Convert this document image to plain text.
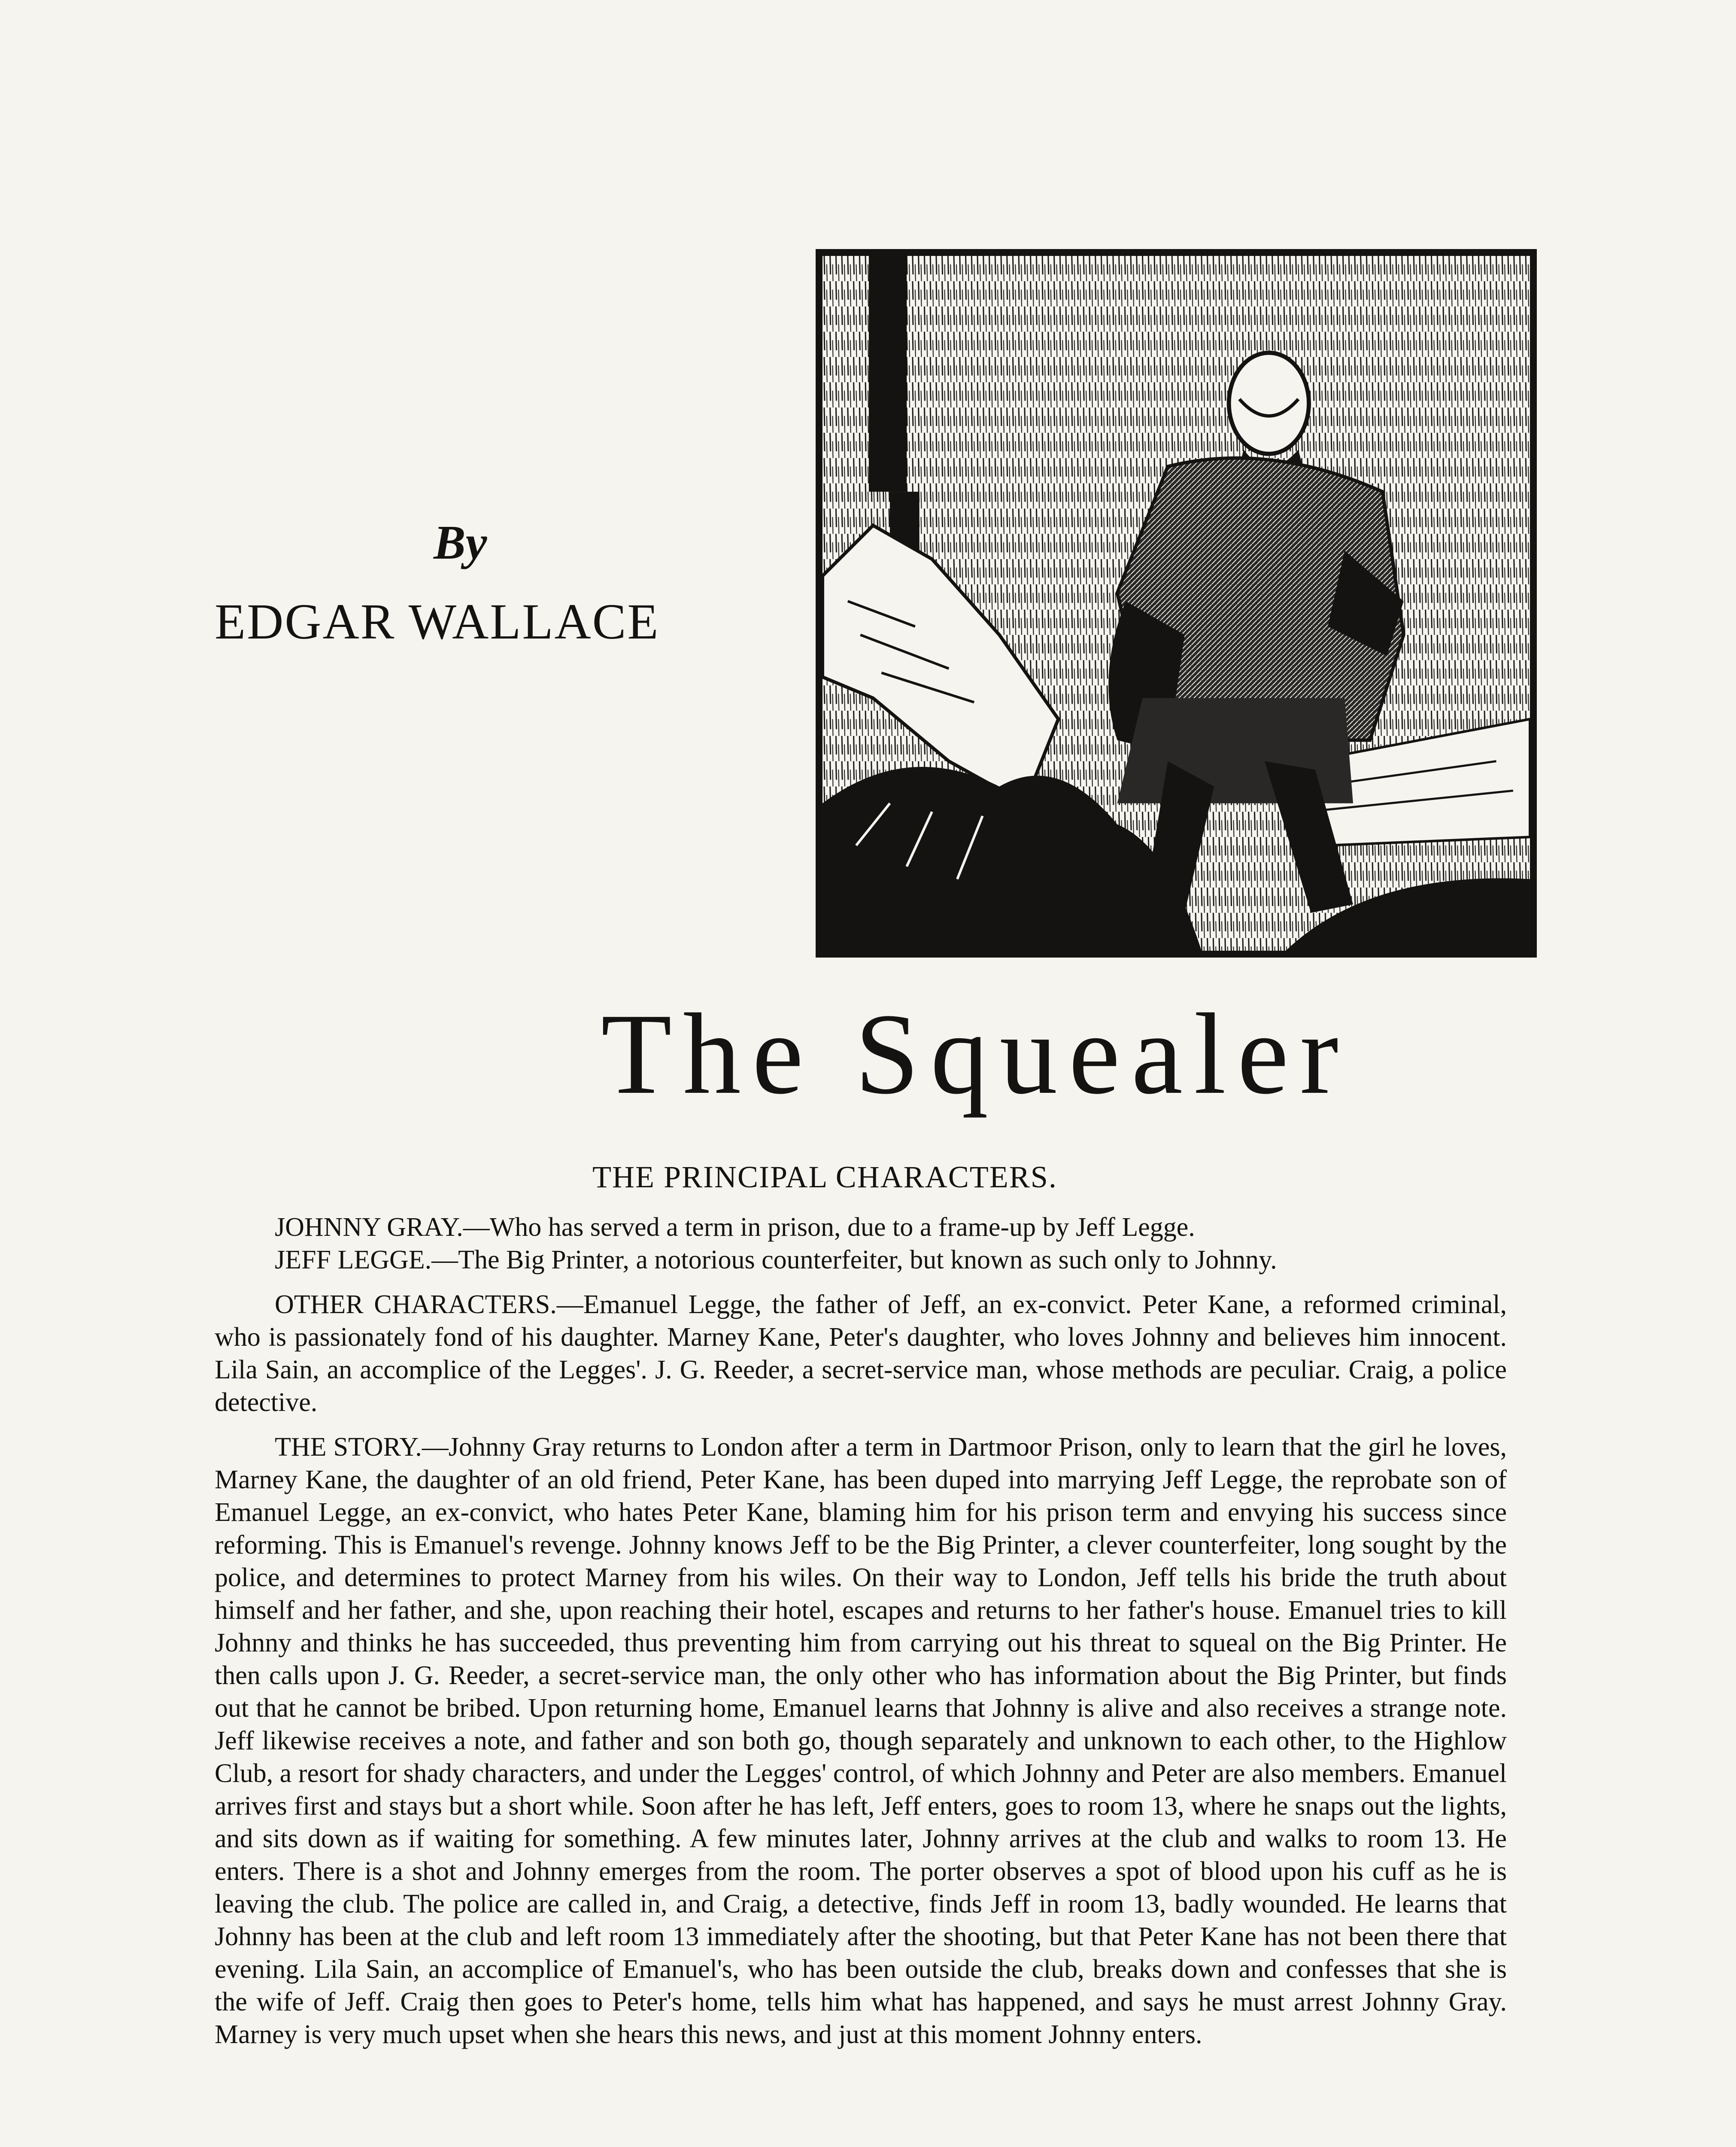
By
EDGAR WALLACE
The Squealer
THE PRINCIPAL CHARACTERS.

JOHNNY GRAY.—Who has served a term in prison, due to a frame-up by Jeff Legge.

JEFF LEGGE.—The Big Printer, a notorious counterfeiter, but known as such only to Johnny.

OTHER CHARACTERS.—Emanuel Legge, the father of Jeff, an ex-convict. Peter Kane, a reformed criminal, who is passionately fond of his daughter. Marney Kane, Peter's daughter, who loves Johnny and believes him innocent. Lila Sain, an accomplice of the Legges'. J. G. Reeder, a secret-service man, whose methods are peculiar. Craig, a police detective.

THE STORY.—Johnny Gray returns to London after a term in Dartmoor Prison, only to learn that the girl he loves, Marney Kane, the daughter of an old friend, Peter Kane, has been duped into marrying Jeff Legge, the reprobate son of Emanuel Legge, an ex-convict, who hates Peter Kane, blaming him for his prison term and envying his success since reforming. This is Emanuel's revenge. Johnny knows Jeff to be the Big Printer, a clever counterfeiter, long sought by the police, and determines to protect Marney from his wiles. On their way to London, Jeff tells his bride the truth about himself and her father, and she, upon reaching their hotel, escapes and returns to her father's house. Emanuel tries to kill Johnny and thinks he has succeeded, thus preventing him from carrying out his threat to squeal on the Big Printer. He then calls upon J. G. Reeder, a secret-service man, the only other who has information about the Big Printer, but finds out that he cannot be bribed. Upon returning home, Emanuel learns that Johnny is alive and also receives a strange note. Jeff likewise receives a note, and father and son both go, though separately and unknown to each other, to the Highlow Club, a resort for shady characters, and under the Legges' control, of which Johnny and Peter are also members. Emanuel arrives first and stays but a short while. Soon after he has left, Jeff enters, goes to room 13, where he snaps out the lights, and sits down as if waiting for something. A few minutes later, Johnny arrives at the club and walks to room 13. He enters. There is a shot and Johnny emerges from the room. The porter observes a spot of blood upon his cuff as he is leaving the club. The police are called in, and Craig, a detective, finds Jeff in room 13, badly wounded. He learns that Johnny has been at the club and left room 13 immediately after the shooting, but that Peter Kane has not been there that evening. Lila Sain, an accomplice of Emanuel's, who has been outside the club, breaks down and confesses that she is the wife of Jeff. Craig then goes to Peter's home, tells him what has happened, and says he must arrest Johnny Gray. Marney is very much upset when she hears this news, and just at this moment Johnny enters.
